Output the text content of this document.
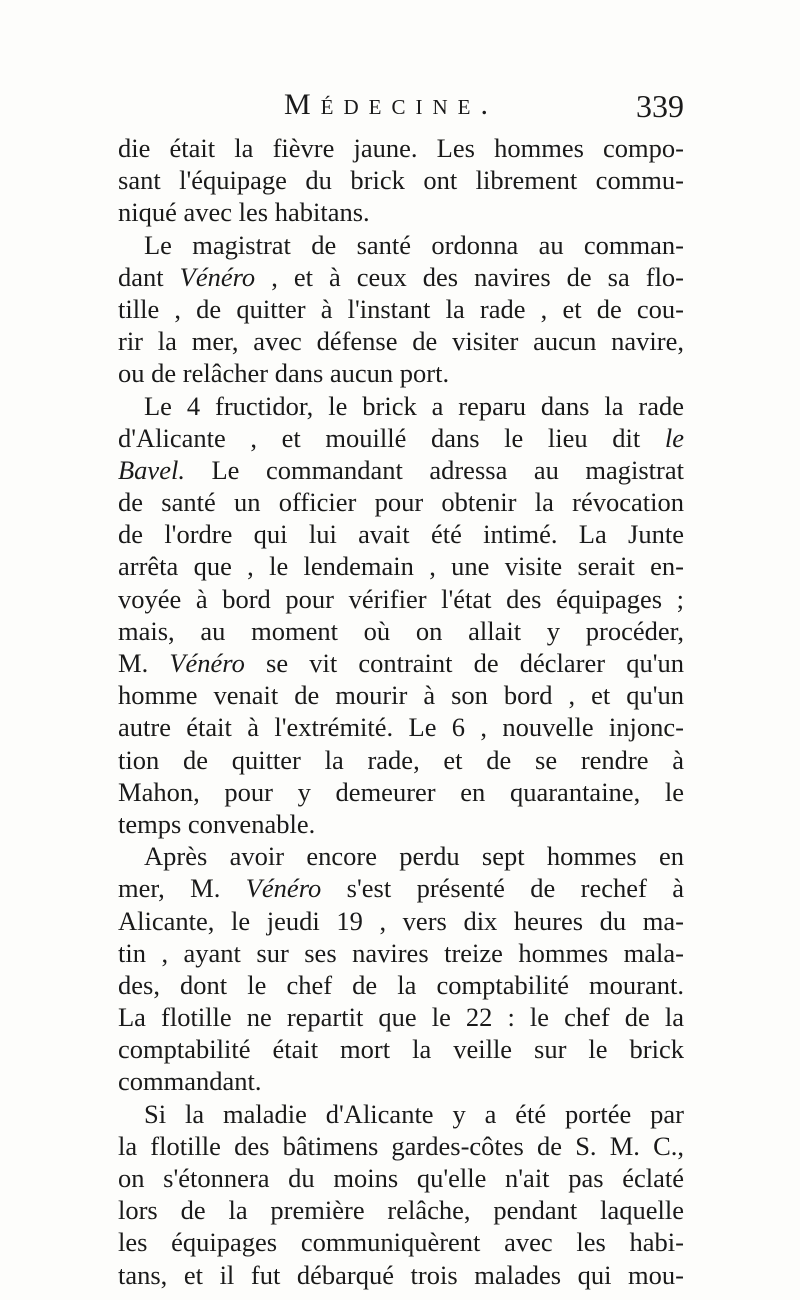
Médecine.	339
die était la fièvre jaune. Les hommes compo-
sant l'équipage du brick ont librement commu-
niqué avec les habitans.
Le magistrat de santé ordonna au comman-
dant Vénéro , et à ceux des navires de sa flo-
tille , de quitter à l'instant la rade , et de cou-
rir la mer, avec défense de visiter aucun navire,
ou de relâcher dans aucun port.
Le 4 fructidor, le brick a reparu dans la rade
d'Alicante , et mouillé dans le lieu dit le
Bavel. Le commandant adressa au magistrat
de santé un officier pour obtenir la révocation
de l'ordre qui lui avait été intimé. La Junte
arrêta que , le lendemain , une visite serait en-
voyée à bord pour vérifier l'état des équipages ;
mais, au moment où on allait y procéder,
M. Vénéro se vit contraint de déclarer qu'un
homme venait de mourir à son bord , et qu'un
autre était à l'extrémité. Le 6 , nouvelle injonc-
tion de quitter la rade, et de se rendre à
Mahon, pour y demeurer en quarantaine, le
temps convenable.
Après avoir encore perdu sept hommes en
mer, M. Vénéro s'est présenté de rechef à
Alicante, le jeudi 19 , vers dix heures du ma-
tin , ayant sur ses navires treize hommes mala-
des, dont le chef de la comptabilité mourant.
La flotille ne repartit que le 22 : le chef de la
comptabilité était mort la veille sur le brick
commandant.
Si la maladie d'Alicante y a été portée par
la flotille des bâtimens gardes-côtes de S. M. C.,
on s'étonnera du moins qu'elle n'ait pas éclaté
lors de la première relâche, pendant laquelle
les équipages communiquèrent avec les habi-
tans, et il fut débarqué trois malades qui mou-
